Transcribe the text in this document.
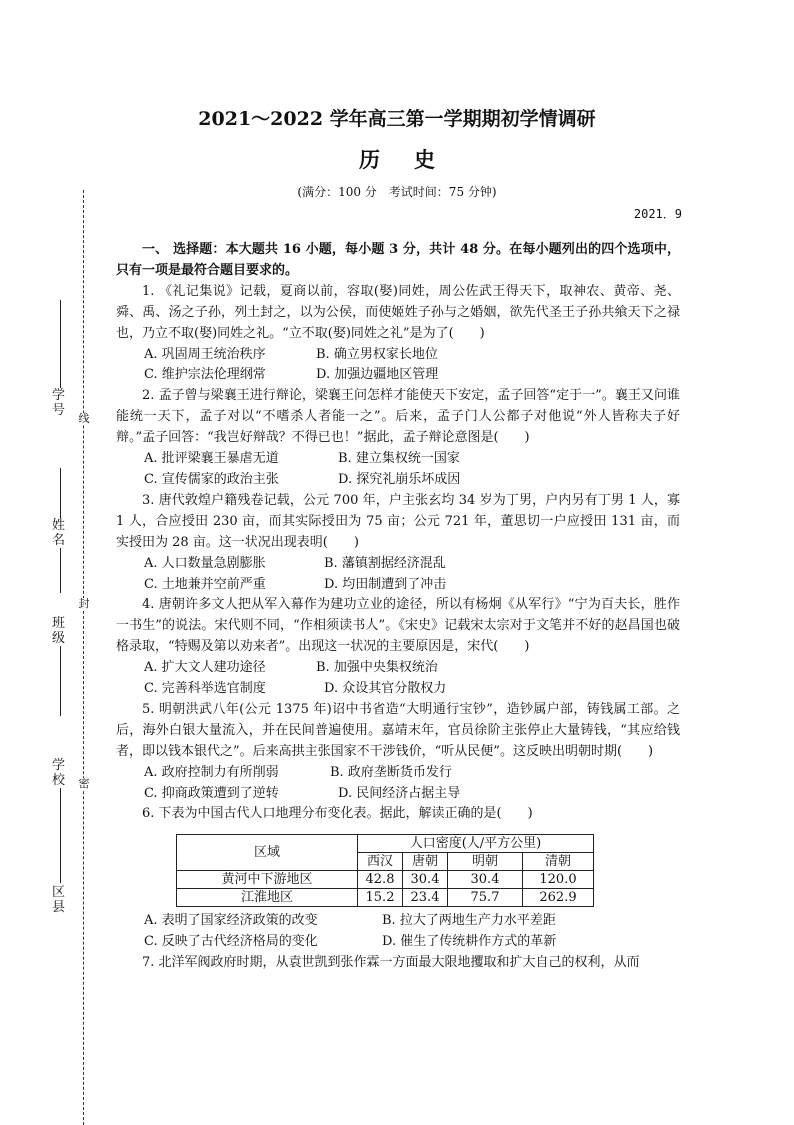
线
封
密
学号
姓名
班级
学校
区县
2021～2022 学年高三第一学期期初学情调研
历史
(满分：100 分　考试时间：75 分钟)
2021．9

一、 选择题：本大题共 16 小题，每小题 3 分，共计 48 分。在每小题列出的四个选项中，只有一项是最符合题目要求的。

1. 《礼记集说》记载，夏商以前，容取(娶)同姓，周公佐武王得天下，取神农、黄帝、尧、舜、禹、汤之子孙，列土封之，以为公侯，而使姬姓子孙与之婚姻，欲先代圣王子孙共飨天下之禄也，乃立不取(娶)同姓之礼。“立不取(娶)同姓之礼”是为了(　　)

A. 巩固周王统治秩序	B. 确立男权家长地位
C. 维护宗法伦理纲常	D. 加强边疆地区管理

2. 孟子曾与梁襄王进行辩论，梁襄王问怎样才能使天下安定，孟子回答“定于一”。襄王又问谁能统一天下，孟子对以“不嗜杀人者能一之”。后来，孟子门人公都子对他说“外人皆称夫子好辩。”孟子回答：“我岂好辩哉？不得已也！”据此，孟子辩论意图是(　　)

A. 批评梁襄王暴虐无道	B. 建立集权统一国家
C. 宣传儒家的政治主张	D. 探究礼崩乐坏成因

3. 唐代敦煌户籍残卷记载，公元 700 年，户主张玄均 34 岁为丁男，户内另有丁男 1 人，寡 1 人，合应授田 230 亩，而其实际授田为 75 亩；公元 721 年，董思切一户应授田 131 亩，而实授田为 28 亩。这一状况出现表明(　　)

A. 人口数量急剧膨胀	B. 藩镇割据经济混乱
C. 土地兼并空前严重	D. 均田制遭到了冲击

4. 唐朝许多文人把从军入幕作为建功立业的途径，所以有杨炯《从军行》“宁为百夫长，胜作一书生”的说法。宋代则不同，“作相须读书人”。《宋史》记载宋太宗对于文笔并不好的赵昌国也破格录取，“特赐及第以劝来者”。出现这一状况的主要原因是，宋代(　　)

A. 扩大文人建功途径	B. 加强中央集权统治
C. 完善科举选官制度	D. 众设其官分散权力

5. 明朝洪武八年(公元 1375 年)诏中书省造“大明通行宝钞”，造钞属户部，铸钱属工部。之后，海外白银大量流入，并在民间普遍使用。嘉靖末年，官员徐阶主张停止大量铸钱，“其应给钱者，即以钱本银代之”。后来高拱主张国家不干涉钱价，“听从民便”。这反映出明朝时期(　　)

A. 政府控制力有所削弱	B. 政府垄断货币发行
C. 抑商政策遭到了逆转	D. 民间经济占据主导

6. 下表为中国古代人口地理分布变化表。据此，解读正确的是(　　)

区域	人口密度(人/平方公里)			
	西汉	唐朝	明朝	清朝
黄河中下游地区	42.8	30.4	30.4	120.0
江淮地区	15.2	23.4	75.7	262.9
A. 表明了国家经济政策的改变	B. 拉大了两地生产力水平差距
C. 反映了古代经济格局的变化	D. 催生了传统耕作方式的革新

7. 北洋军阀政府时期，从袁世凯到张作霖一方面最大限地攫取和扩大自己的权利，从而
